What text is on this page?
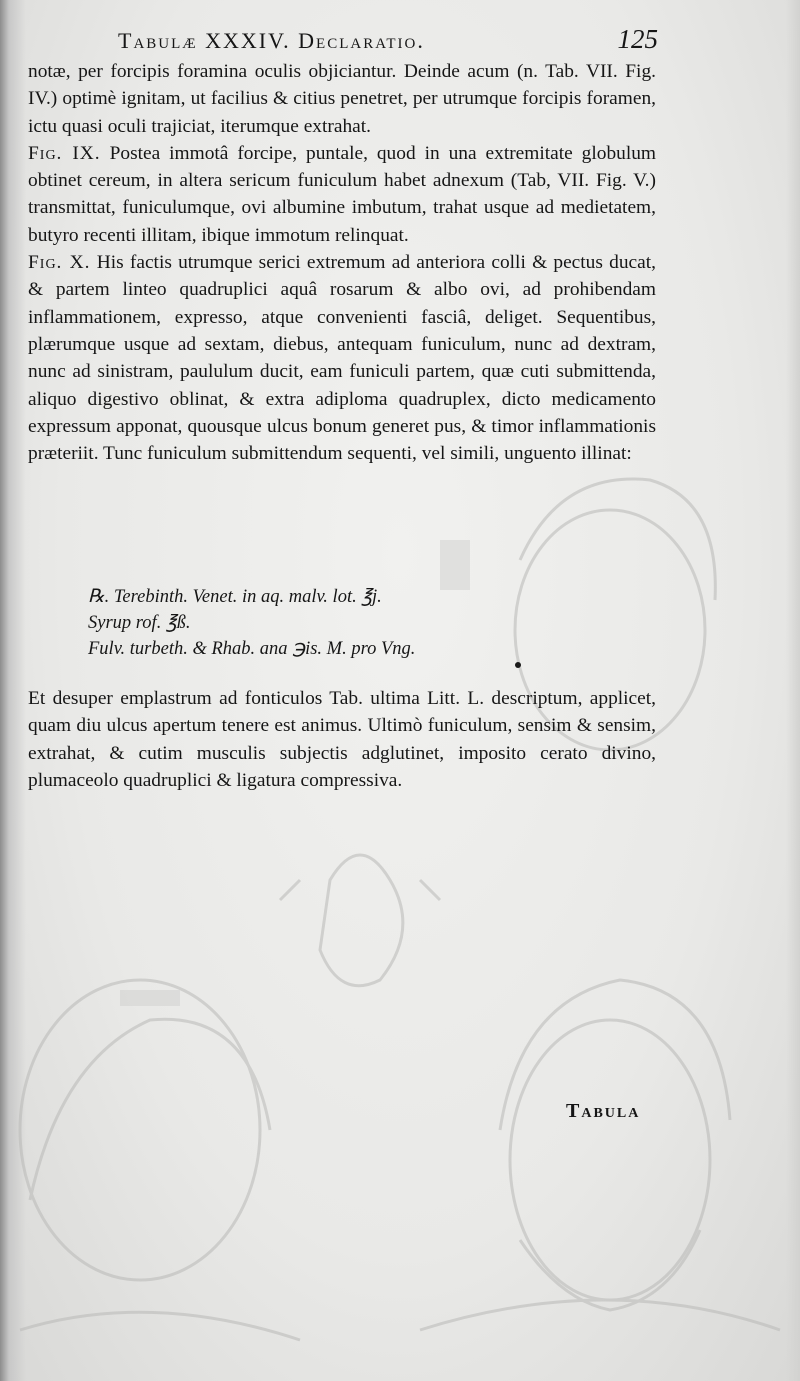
Tabulæ XXXIV. Declaratio.	125

notæ, per forcipis foramina oculis objiciantur. Deinde acum (n. Tab. VII. Fig. IV.) optimè ignitam, ut facilius & citius penetret, per utrumque forcipis foramen, ictu quasi oculi trajiciat, iterumque extrahat.

Fig. IX. Postea immotâ forcipe, puntale, quod in una extremitate globulum obtinet cereum, in altera sericum funiculum habet adnexum (Tab, VII. Fig. V.) transmittat, funiculumque, ovi albumine imbutum, trahat usque ad medietatem, butyro recenti illitam, ibique immotum relinquat.

Fig. X. His factis utrumque serici extremum ad anteriora colli & pectus ducat, & partem linteo quadruplici aquâ rosarum & albo ovi, ad prohibendam inflammationem, expresso, atque convenienti fasciâ, deliget. Sequentibus, plærumque usque ad sextam, diebus, antequam funiculum, nunc ad dextram, nunc ad sinistram, paululum ducit, eam funiculi partem, quæ cuti submittenda, aliquo digestivo oblinat, & extra adiploma quadruplex, dicto medicamento expressum apponat, quousque ulcus bonum generet pus, & timor inflammationis præteriit. Tunc funiculum submittendum sequenti, vel simili, unguento illinat:

℞. Terebinth. Venet. in aq. malv. lot. ℥j.
Syrup rof. ℥ß.
Fulv. turbeth. & Rhab. ana ℈is. M. pro Vng.
Et desuper emplastrum ad fonticulos Tab. ultima Litt. L. descriptum, applicet, quam diu ulcus apertum tenere est animus. Ultimò funiculum, sensim & sensim, extrahat, & cutim musculis subjectis adglutinet, imposito cerato divino, plumaceolo quadruplici & ligatura compressiva.
Tabula
